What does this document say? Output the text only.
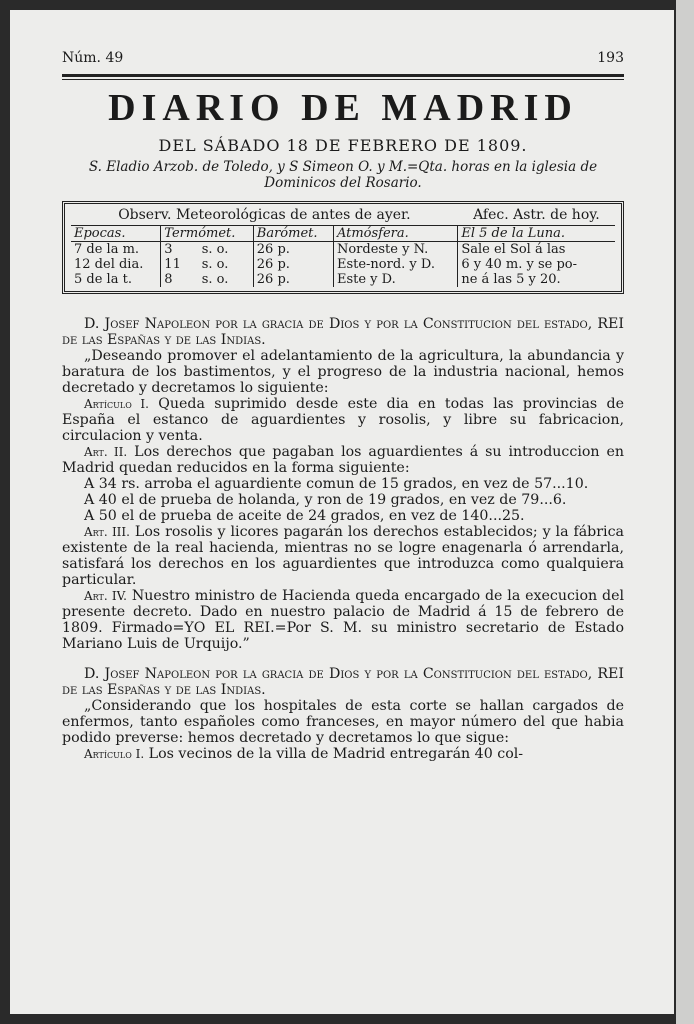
Núm. 49	193
DIARIO DE MADRID
DEL SÁBADO 18 DE FEBRERO DE 1809.

S. Eladio Arzob. de Toledo, y S Simeon O. y M.=Qta. horas en la iglesia de Dominicos del Rosario.

Observ. Meteorológicas de antes de ayer.					Afec. Astr. de hoy.
Epocas.	Termómet.		Barómet.	Atmósfera.	El 5 de la Luna.
7 de la m.	3	s. o.	26 p.	Nordeste y N.	Sale el Sol á las
12 del dia.	11	s. o.	26 p.	Este-nord. y D.	6 y 40 m. y se po-
5 de la t.	8	s. o.	26 p.	Este y D.	ne á las 5 y 20.

D. Josef Napoleon por la gracia de Dios y por la Constitucion del estado, REI de las Españas y de las Indias.

„Deseando promover el adelantamiento de la agricultura, la abundancia y baratura de los bastimentos, y el progreso de la industria nacional, hemos decretado y decretamos lo siguiente:

Artículo I. Queda suprimido desde este dia en todas las provincias de España el estanco de aguardientes y rosolis, y libre su fabricacion, circulacion y venta.

Art. II. Los derechos que pagaban los aguardientes á su introduccion en Madrid quedan reducidos en la forma siguiente:

A 34 rs. arroba el aguardiente comun de 15 grados, en vez de 57...10.

A 40 el de prueba de holanda, y ron de 19 grados, en vez de 79...6.

A 50 el de prueba de aceite de 24 grados, en vez de 140...25.

Art. III. Los rosolis y licores pagarán los derechos establecidos; y la fábrica existente de la real hacienda, mientras no se logre enagenarla ó arrendarla, satisfará los derechos en los aguardientes que introduzca como qualquiera particular.

Art. IV. Nuestro ministro de Hacienda queda encargado de la execucion del presente decreto. Dado en nuestro palacio de Madrid á 15 de febrero de 1809. Firmado=YO EL REI.=Por S. M. su ministro secretario de Estado Mariano Luis de Urquijo.”

D. Josef Napoleon por la gracia de Dios y por la Constitucion del estado, REI de las Españas y de las Indias.

„Considerando que los hospitales de esta corte se hallan cargados de enfermos, tanto españoles como franceses, en mayor número del que habia podido preverse: hemos decretado y decretamos lo que sigue:

Artículo I. Los vecinos de la villa de Madrid entregarán 40 col-
